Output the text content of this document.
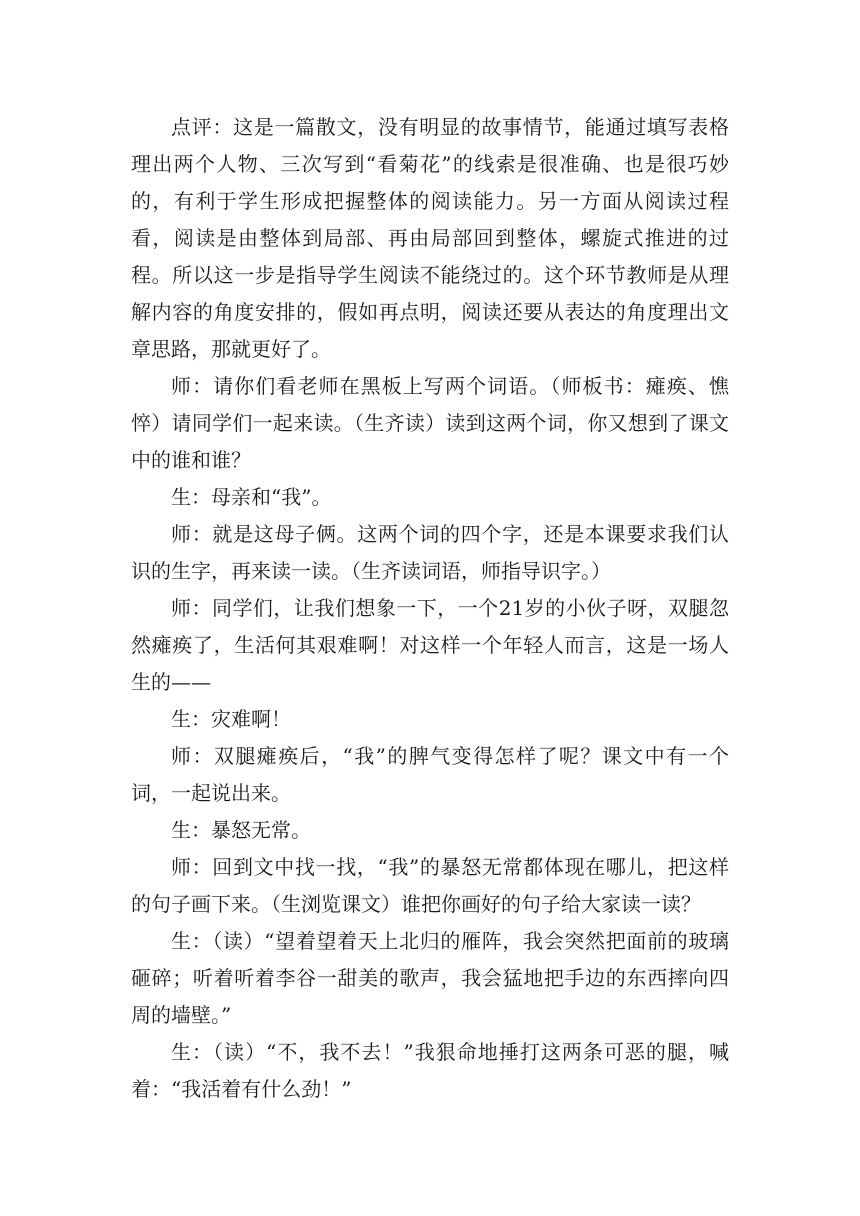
点评：这是一篇散文，没有明显的故事情节，能通过填写表格理出两个人物、三次写到“看菊花”的线索是很准确、也是很巧妙的，有利于学生形成把握整体的阅读能力。另一方面从阅读过程看，阅读是由整体到局部、再由局部回到整体，螺旋式推进的过程。所以这一步是指导学生阅读不能绕过的。这个环节教师是从理解内容的角度安排的，假如再点明，阅读还要从表达的角度理出文章思路，那就更好了。

师：请你们看老师在黑板上写两个词语。（师板书：瘫痪、憔悴）请同学们一起来读。（生齐读）读到这两个词，你又想到了课文中的谁和谁？

生：母亲和“我”。

师：就是这母子俩。这两个词的四个字，还是本课要求我们认识的生字，再来读一读。（生齐读词语，师指导识字。）

师：同学们，让我们想象一下，一个21岁的小伙子呀，双腿忽然瘫痪了，生活何其艰难啊！对这样一个年轻人而言，这是一场人生的——

生：灾难啊！

师：双腿瘫痪后，“我”的脾气变得怎样了呢？课文中有一个词，一起说出来。

生：暴怒无常。

师：回到文中找一找，“我”的暴怒无常都体现在哪儿，把这样的句子画下来。（生浏览课文）谁把你画好的句子给大家读一读？

生：（读）“望着望着天上北归的雁阵，我会突然把面前的玻璃砸碎；听着听着李谷一甜美的歌声，我会猛地把手边的东西摔向四周的墙壁。”

生：（读）“不，我不去！”我狠命地捶打这两条可恶的腿，喊着：“我活着有什么劲！”
